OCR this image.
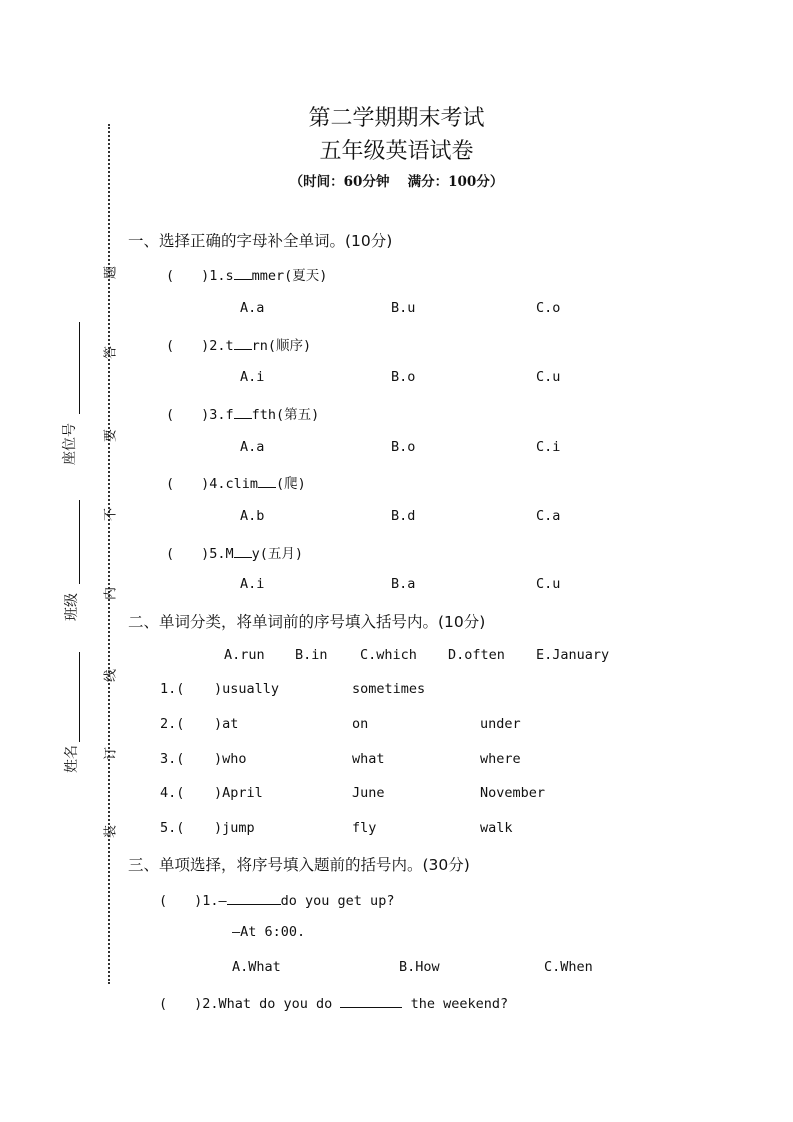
题
答
要
不
内
线
订
装
座位号
班级
姓名
第二学期期末考试
五年级英语试卷
（时间：60分钟　 满分：100分）
一、选择正确的字母补全单词。(10分)
(　　)1.s mmer(夏天)
A.a	B.u	C.o
(　　)2.t rn(顺序)
A.i	B.o	C.u
(　　)3.f fth(第五)
A.a	B.o	C.i
(　　)4.clim (爬)
A.b	B.d	C.a
(　　)5.M y(五月)
A.i	B.a	C.u
二、单词分类，将单词前的序号填入括号内。(10分)
A.run B.in C.which D.often E.January
1.( )usually	sometimes
2.( )at	on	under
3.( )who	what	where
4.( )April	June	November
5.( )jump	fly	walk
三、单项选择，将序号填入题前的括号内。(30分)
(　　)1.—	do you get up?
—At 6:00.
A.What	B.How	C.When
(　　)2.What do you do	the weekend?
